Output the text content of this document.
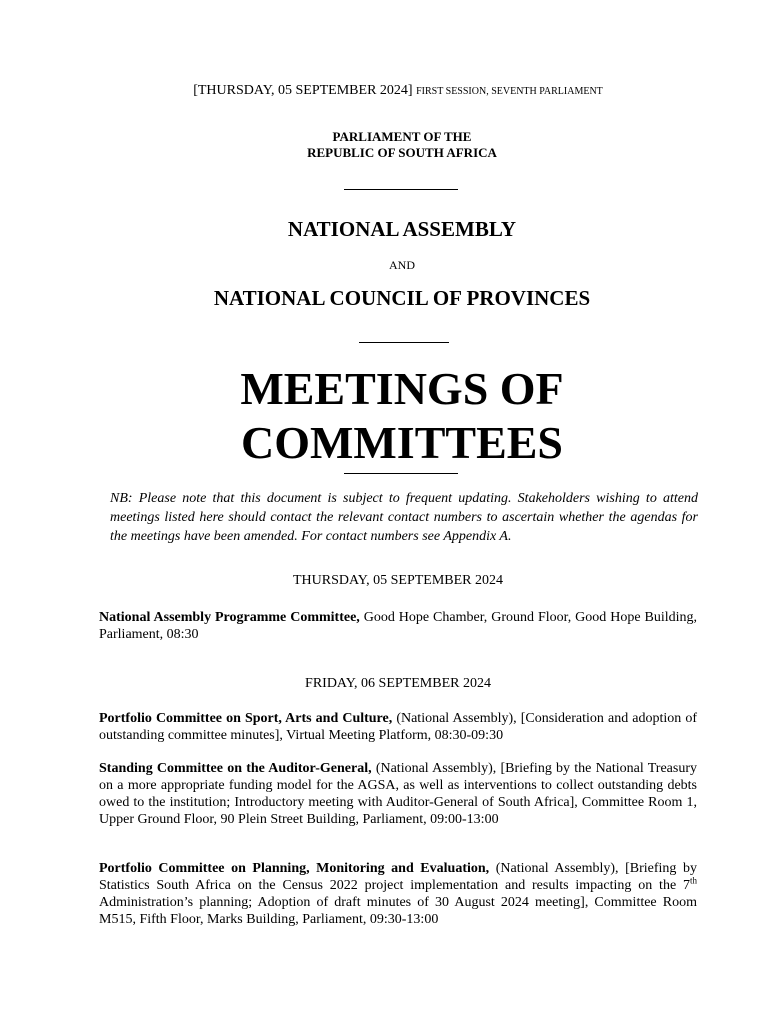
[THURSDAY, 05 SEPTEMBER 2024] FIRST SESSION, SEVENTH PARLIAMENT
PARLIAMENT OF THE
REPUBLIC OF SOUTH AFRICA
NATIONAL ASSEMBLY
AND
NATIONAL COUNCIL OF PROVINCES
MEETINGS OF
COMMITTEES
NB: Please note that this document is subject to frequent updating. Stakeholders wishing to attend meetings listed here should contact the relevant contact numbers to ascertain whether the agendas for the meetings have been amended. For contact numbers see Appendix A.
THURSDAY, 05 SEPTEMBER 2024
National Assembly Programme Committee, Good Hope Chamber, Ground Floor, Good Hope Building, Parliament, 08:30
FRIDAY, 06 SEPTEMBER 2024
Portfolio Committee on Sport, Arts and Culture, (National Assembly), [Consideration and adoption of outstanding committee minutes], Virtual Meeting Platform, 08:30-09:30
Standing Committee on the Auditor-General, (National Assembly), [Briefing by the National Treasury on a more appropriate funding model for the AGSA, as well as interventions to collect outstanding debts owed to the institution; Introductory meeting with Auditor-General of South Africa], Committee Room 1, Upper Ground Floor, 90 Plein Street Building, Parliament, 09:00-13:00
Portfolio Committee on Planning, Monitoring and Evaluation, (National Assembly), [Briefing by Statistics South Africa on the Census 2022 project implementation and results impacting on the 7th Administration’s planning; Adoption of draft minutes of 30 August 2024 meeting], Committee Room M515, Fifth Floor, Marks Building, Parliament, 09:30-13:00
